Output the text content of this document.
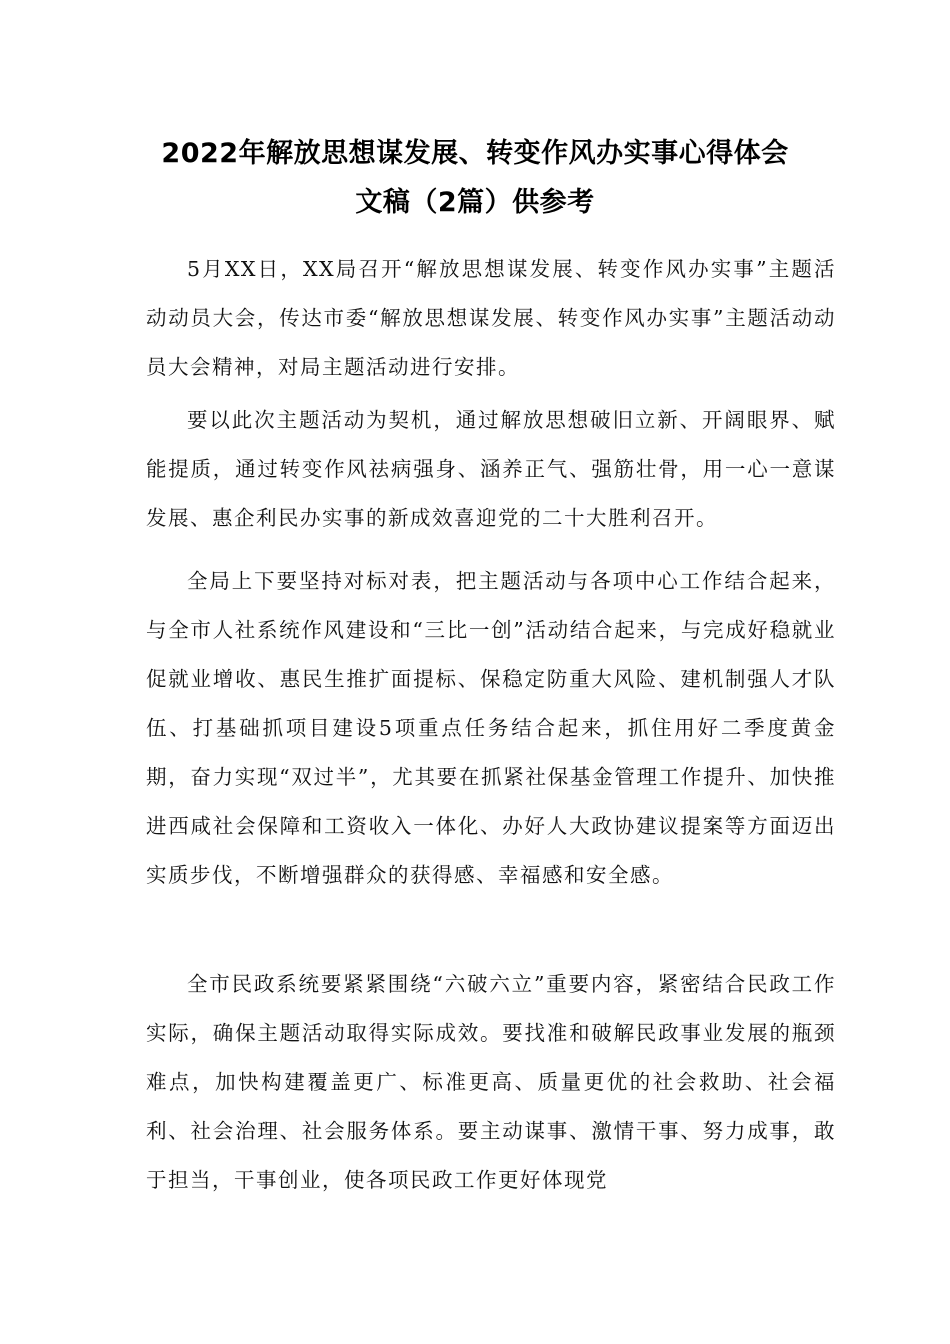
2022年解放思想谋发展、转变作风办实事心得体会
文稿（2篇）供参考

5月XX日，XX局召开“解放思想谋发展、转变作风办实事”主题活动动员大会，传达市委“解放思想谋发展、转变作风办实事”主题活动动员大会精神，对局主题活动进行安排。

要以此次主题活动为契机，通过解放思想破旧立新、开阔眼界、赋能提质，通过转变作风祛病强身、涵养正气、强筋壮骨，用一心一意谋发展、惠企利民办实事的新成效喜迎党的二十大胜利召开。

全局上下要坚持对标对表，把主题活动与各项中心工作结合起来，与全市人社系统作风建设和“三比一创”活动结合起来，与完成好稳就业促就业增收、惠民生推扩面提标、保稳定防重大风险、建机制强人才队伍、打基础抓项目建设5项重点任务结合起来，抓住用好二季度黄金期，奋力实现“双过半”，尤其要在抓紧社保基金管理工作提升、加快推进西咸社会保障和工资收入一体化、办好人大政协建议提案等方面迈出实质步伐，不断增强群众的获得感、幸福感和安全感。

全市民政系统要紧紧围绕“六破六立”重要内容，紧密结合民政工作实际，确保主题活动取得实际成效。要找准和破解民政事业发展的瓶颈难点，加快构建覆盖更广、标准更高、质量更优的社会救助、社会福利、社会治理、社会服务体系。要主动谋事、激情干事、努力成事，敢于担当，干事创业，使各项民政工作更好体现党
